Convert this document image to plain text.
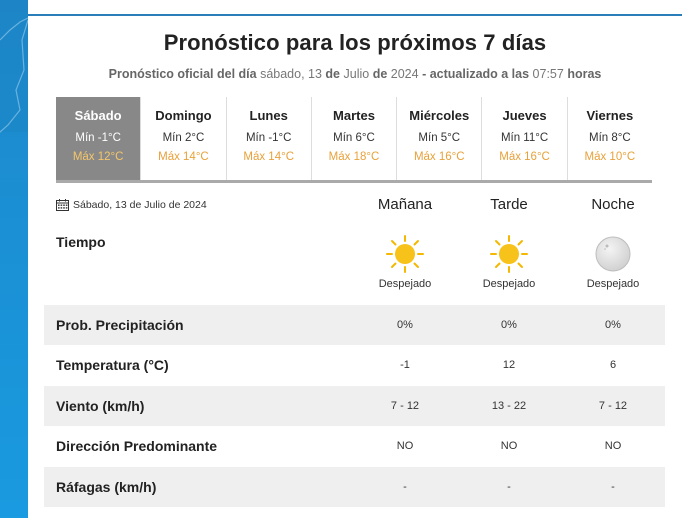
Pronóstico para los próximos 7 días
Pronóstico oficial del día sábado, 13 de Julio de 2024 - actualizado a las 07:57 horas
Sábado
Mín -1°C
Máx 12°C
Domingo
Mín 2°C
Máx 14°C
Lunes
Mín -1°C
Máx 14°C
Martes
Mín 6°C
Máx 18°C
Miércoles
Mín 5°C
Máx 16°C
Jueves
Mín 11°C
Máx 16°C
Viernes
Mín 8°C
Máx 10°C
Sábado, 13 de Julio de 2024	Mañana	Tarde	Noche
Tiempo
Despejado	Despejado	Despejado
Prob. Precipitación	0%	0%	0%
Temperatura (°C)	-1	12	6
Viento (km/h)	7 - 12	13 - 22	7 - 12
Dirección Predominante	NO	NO	NO
Ráfagas (km/h)	-	-	-
